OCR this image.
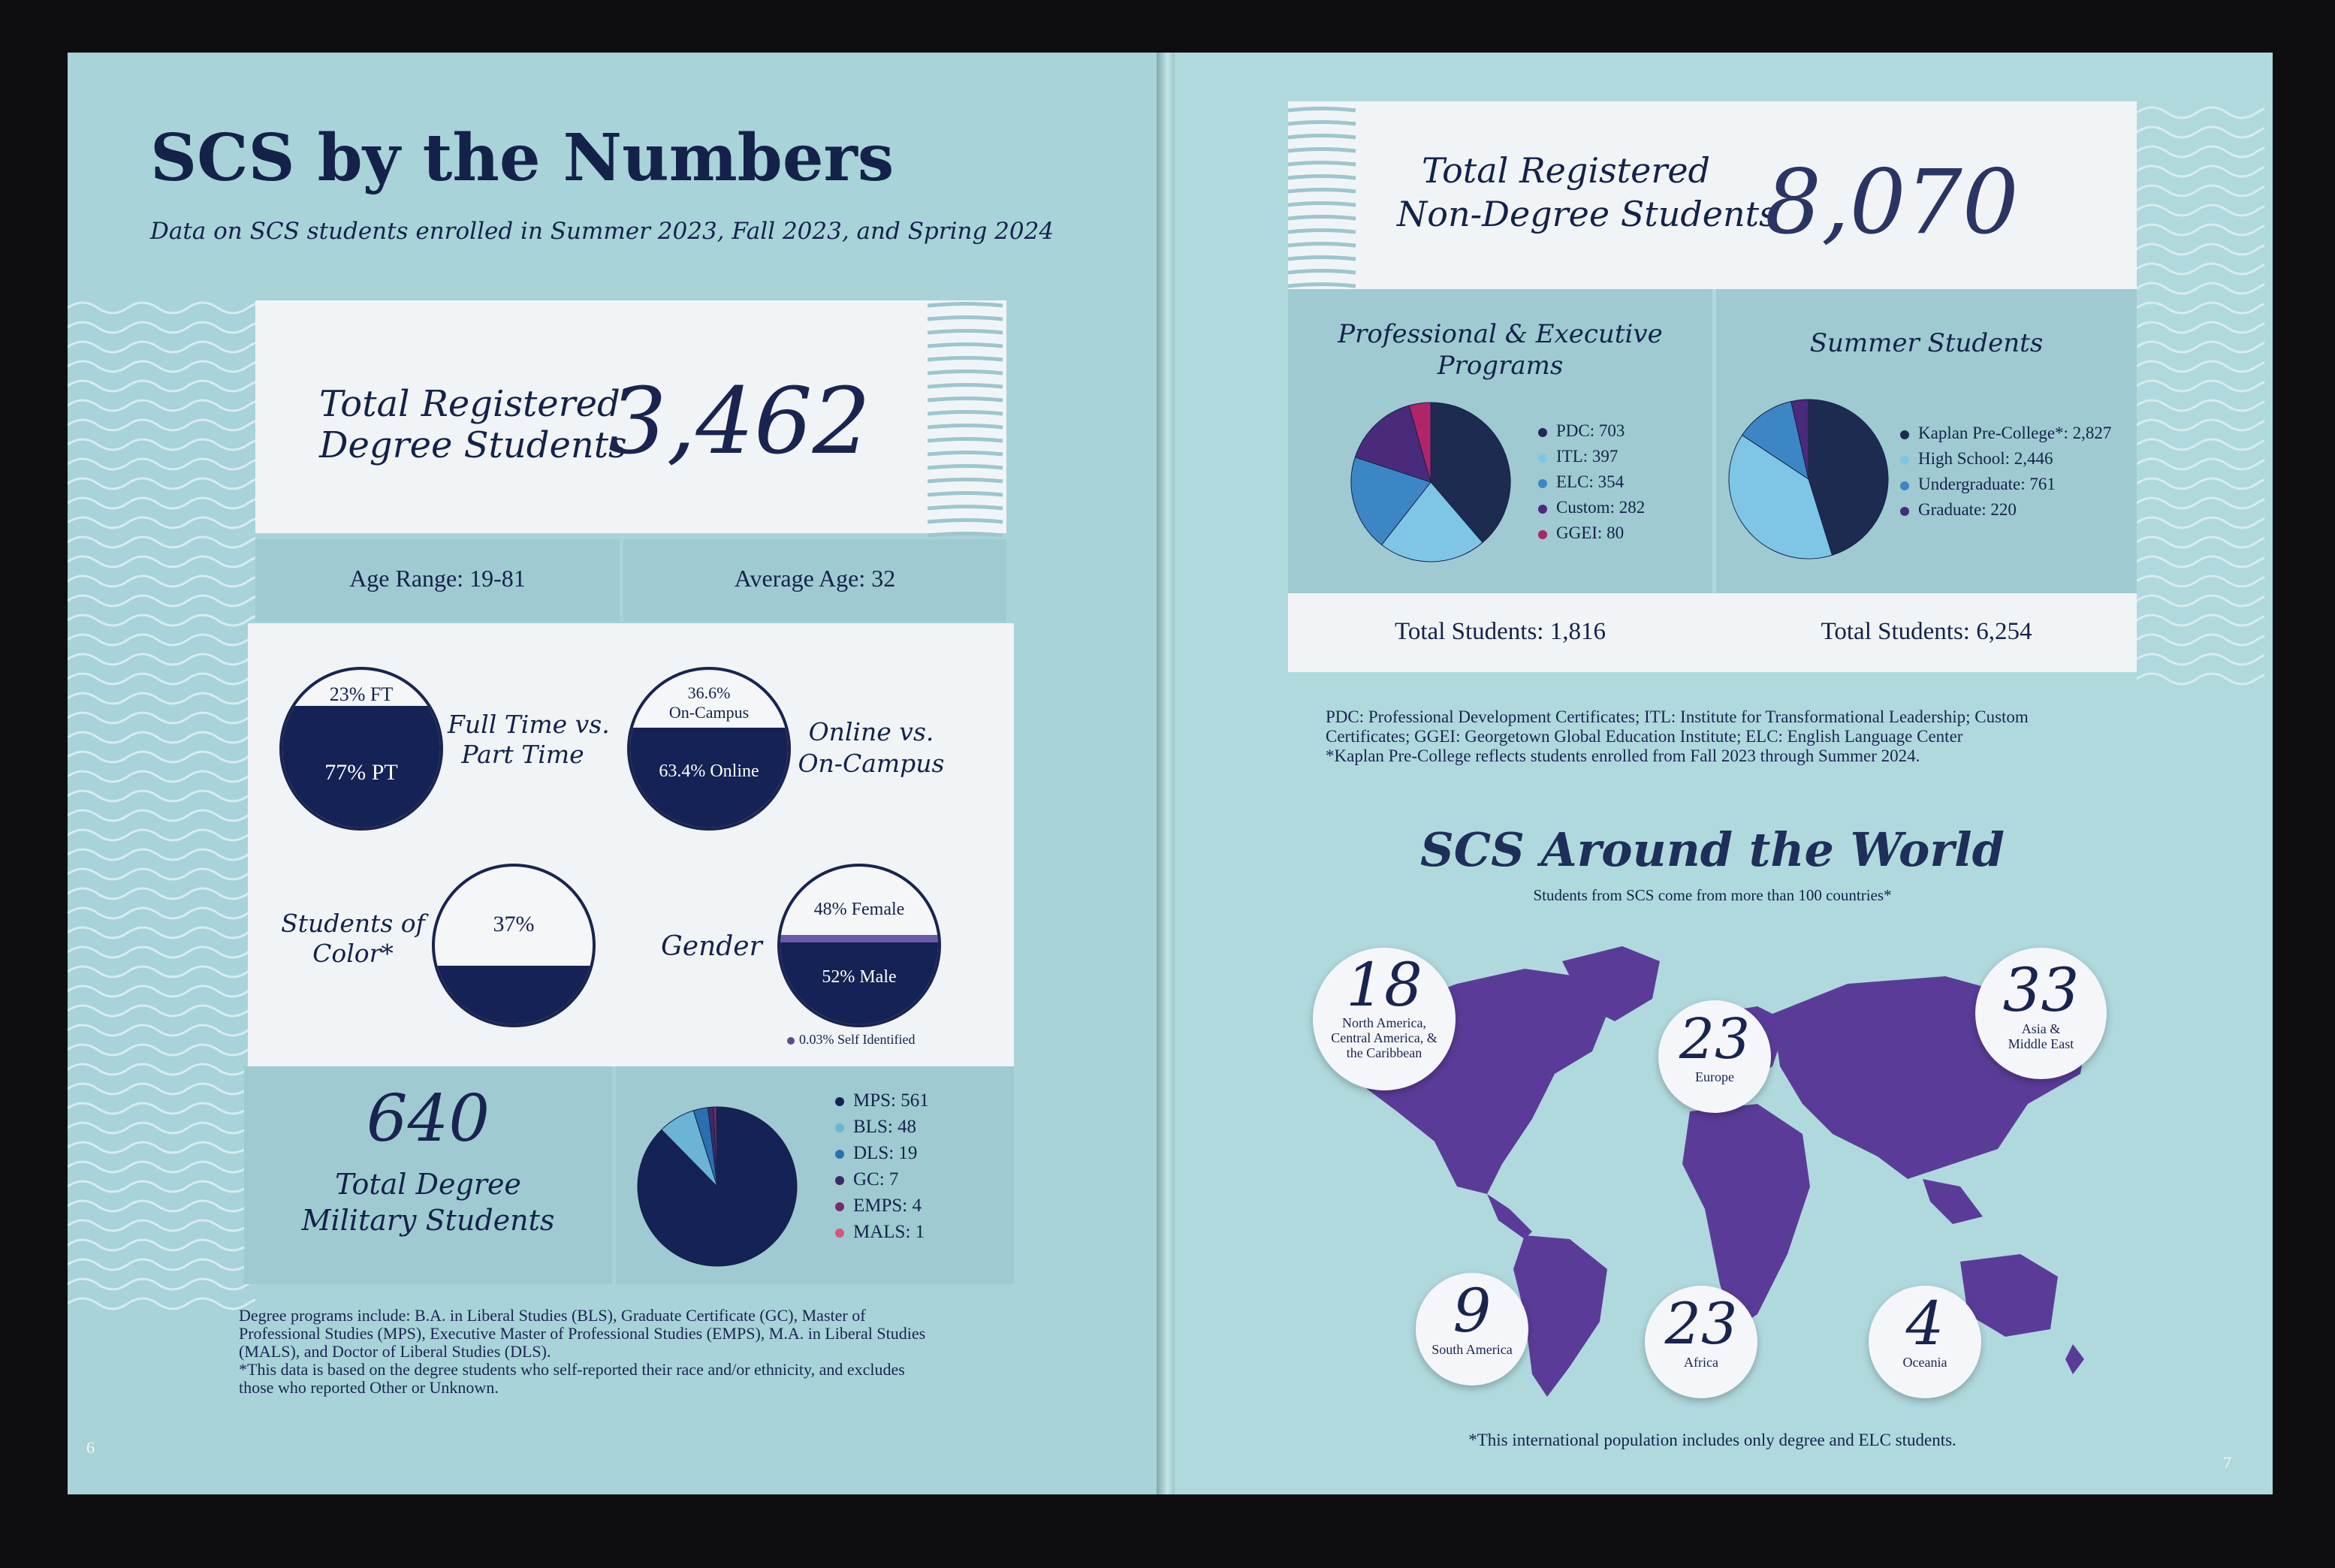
SCS by the Numbers
Data on SCS students enrolled in Summer 2023, Fall 2023, and Spring 2024
Total Registered
Degree Students
3,462
Age Range: 19-81	Average Age: 32
23% FT
77% PT
Full Time vs.
Part Time
36.6%
On-Campus
63.4% Online
Online vs.
On-Campus
Students of
Color*
37%
Gender
48% Female
52% Male
0.03% Self Identified
640
Total Degree
Military Students
MPS: 561
BLS: 48
DLS: 19
GC: 7
EMPS: 4
MALS: 1
Degree programs include: B.A. in Liberal Studies (BLS), Graduate Certificate (GC), Master of
Professional Studies (MPS), Executive Master of Professional Studies (EMPS), M.A. in Liberal Studies
(MALS), and Doctor of Liberal Studies (DLS).
*This data is based on the degree students who self-reported their race and/or ethnicity, and excludes
those who reported Other or Unknown.
6
Total Registered
Non-Degree Students
8,070
Professional & Executive
Programs
Summer Students
PDC: 703
ITL: 397
ELC: 354
Custom: 282
GGEI: 80
Kaplan Pre-College*: 2,827
High School: 2,446
Undergraduate: 761
Graduate: 220
Total Students: 1,816	Total Students: 6,254
PDC: Professional Development Certificates; ITL: Institute for Transformational Leadership; Custom
Certificates; GGEI: Georgetown Global Education Institute; ELC: English Language Center
*Kaplan Pre-College reflects students enrolled from Fall 2023 through Summer 2024.
SCS Around the World
Students from SCS come from more than 100 countries*
18
North America,
Central America, &
the Caribbean	23
Europe
33
Asia &
Middle East
9
South America	23
Africa
4
Oceania
*This international population includes only degree and ELC students.
7
